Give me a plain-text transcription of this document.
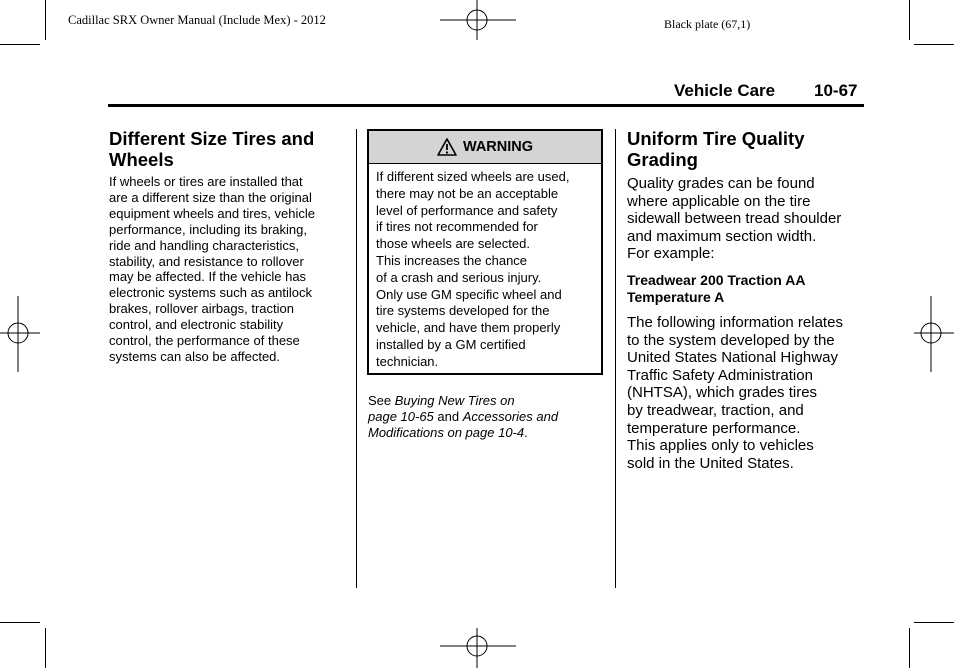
Cadillac SRX Owner Manual (Include Mex) - 2012	Black plate (67,1)
Vehicle Care 10-67
Different Size Tires and
Wheels
If wheels or tires are installed that
are a different size than the original
equipment wheels and tires, vehicle
performance, including its braking,
ride and handling characteristics,
stability, and resistance to rollover
may be affected. If the vehicle has
electronic systems such as antilock
brakes, rollover airbags, traction
control, and electronic stability
control, the performance of these
systems can also be affected.
WARNING
If different sized wheels are used,
there may not be an acceptable
level of performance and safety
if tires not recommended for
those wheels are selected.
This increases the chance
of a crash and serious injury.
Only use GM specific wheel and
tire systems developed for the
vehicle, and have them properly
installed by a GM certified
technician.
See Buying New Tires on
page 10-65 and Accessories and
Modifications on page 10-4.
Uniform Tire Quality
Grading
Quality grades can be found
where applicable on the tire
sidewall between tread shoulder
and maximum section width.
For example:
Treadwear 200 Traction AA
Temperature A
The following information relates
to the system developed by the
United States National Highway
Traffic Safety Administration
(NHTSA), which grades tires
by treadwear, traction, and
temperature performance.
This applies only to vehicles
sold in the United States.
